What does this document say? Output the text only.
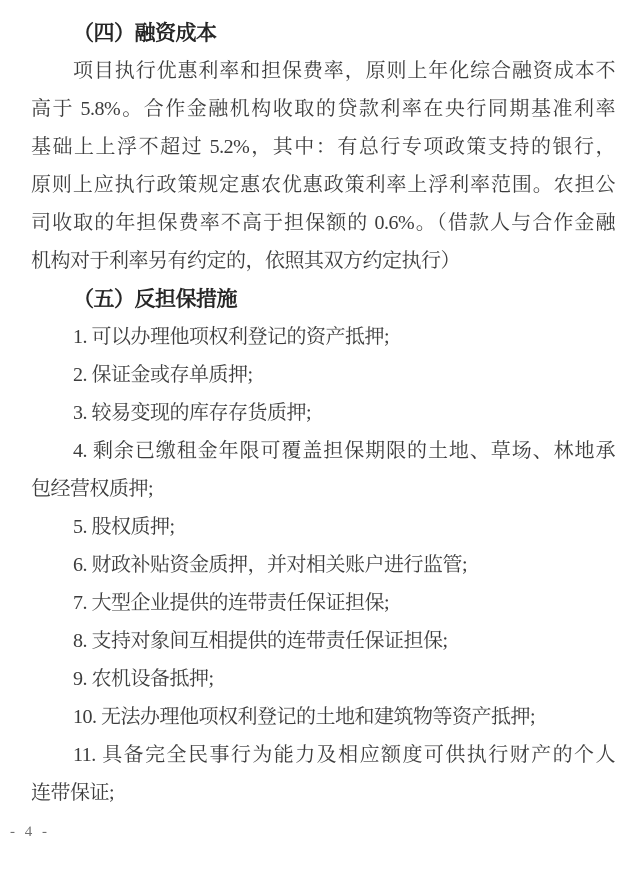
（四）融资成本
项目执行优惠利率和担保费率，原则上年化综合融资成本不
高于 5.8%。合作金融机构收取的贷款利率在央行同期基准利率
基础上上浮不超过 5.2%，其中：有总行专项政策支持的银行，
原则上应执行政策规定惠农优惠政策利率上浮利率范围。农担公
司收取的年担保费率不高于担保额的 0.6%。（借款人与合作金融
机构对于利率另有约定的，依照其双方约定执行）
（五）反担保措施
1. 可以办理他项权利登记的资产抵押;
2. 保证金或存单质押;
3. 较易变现的库存存货质押;
4. 剩余已缴租金年限可覆盖担保期限的土地、草场、林地承
包经营权质押;
5. 股权质押;
6. 财政补贴资金质押，并对相关账户进行监管;
7. 大型企业提供的连带责任保证担保;
8. 支持对象间互相提供的连带责任保证担保;
9. 农机设备抵押;
10. 无法办理他项权利登记的土地和建筑物等资产抵押;
11. 具备完全民事行为能力及相应额度可供执行财产的个人
连带保证;
- 4 -
